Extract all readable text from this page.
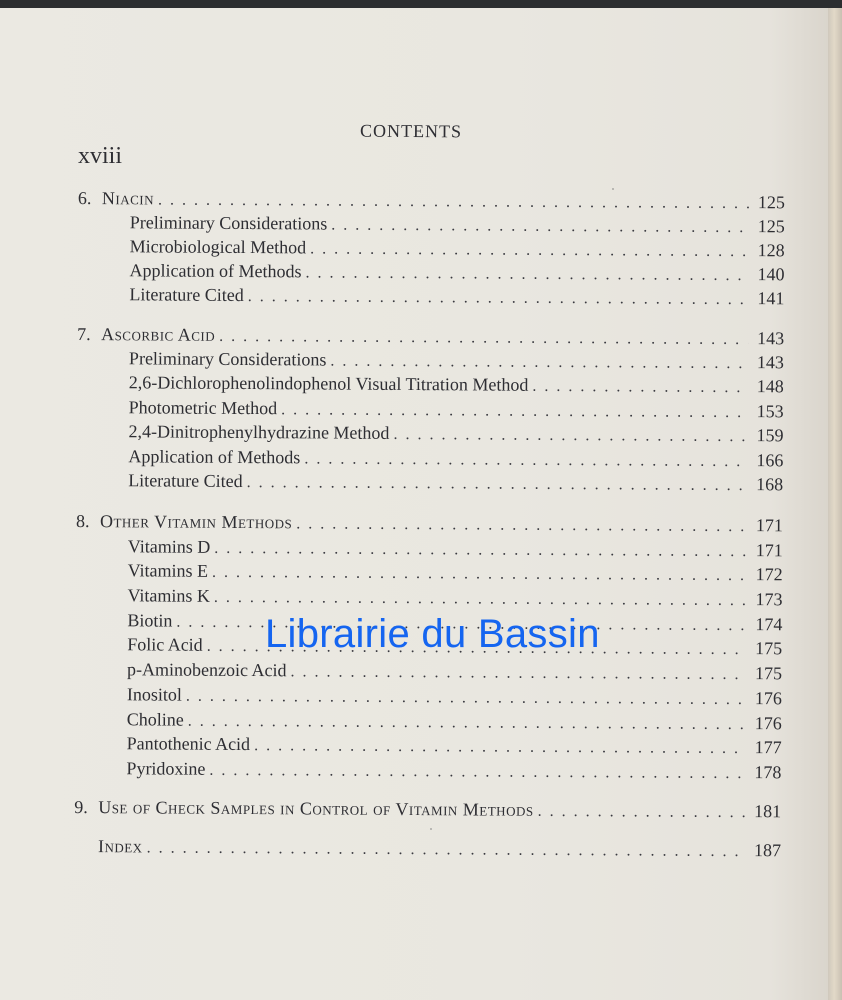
CONTENTS
xviii
6. Niacin . . .	125
Preliminary Considerations . . .	125
Microbiological Method . . .	128
Application of Methods . . .	140
Literature Cited . . .	141
7. Ascorbic Acid . . .	143
Preliminary Considerations . . .	143
2,6-Dichlorophenolindophenol Visual Titration Method . . .	148
Photometric Method . . .	153
2,4-Dinitrophenylhydrazine Method . . .	159
Application of Methods . . .	166
Literature Cited . . .	168
8. Other Vitamin Methods . . .	171
Vitamins D . . .	171
Vitamins E . . .	172
Vitamins K . . .	173
Biotin . . .	174
Folic Acid . . .	175
p-Aminobenzoic Acid . . .	175
Inositol . . .	176
Choline . . .	176
Pantothenic Acid . . .	177
Pyridoxine . . .	178
9. Use of Check Samples in Control of Vitamin Methods . . .	181
Index . . .	187
Librairie du Bassin
